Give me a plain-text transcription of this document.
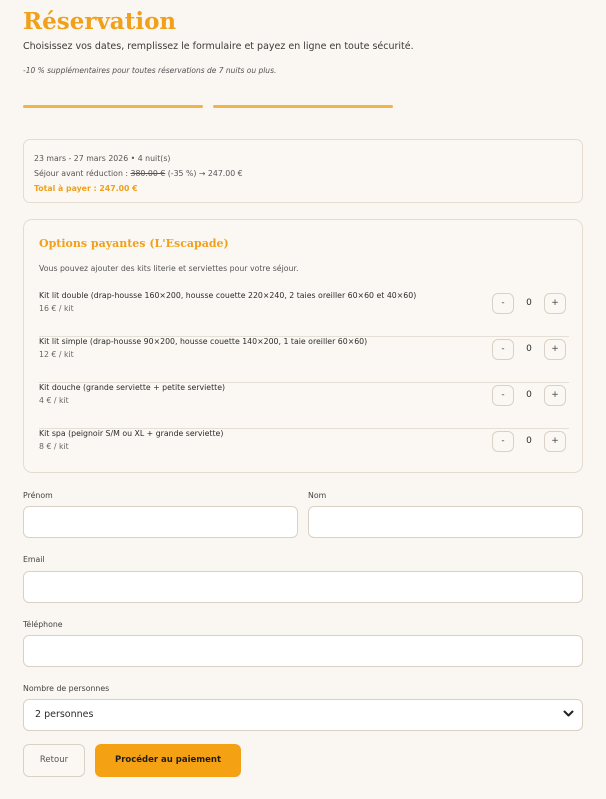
Réservation
Choisissez vos dates, remplissez le formulaire et payez en ligne en toute sécurité.
-10 % supplémentaires pour toutes réservations de 7 nuits ou plus.
23 mars - 27 mars 2026 • 4 nuit(s)
Séjour avant réduction : 380.00 € (-35 %) → 247.00 €
Total à payer : 247.00 €
Options payantes (L'Escapade)
Vous pouvez ajouter des kits literie et serviettes pour votre séjour.
Kit lit double (drap-housse 160×200, housse couette 220×240, 2 taies oreiller 60×60 et 40×60)
16 € / kit
-	0	+
Kit lit simple (drap-housse 90×200, housse couette 140×200, 1 taie oreiller 60×60)
12 € / kit
-	0	+
Kit douche (grande serviette + petite serviette)
4 € / kit
-	0	+
Kit spa (peignoir S/M ou XL + grande serviette)
8 € / kit
-	0	+
Prénom	Nom
Email
Téléphone
Nombre de personnes
2 personnes
Retour	Procéder au paiement
